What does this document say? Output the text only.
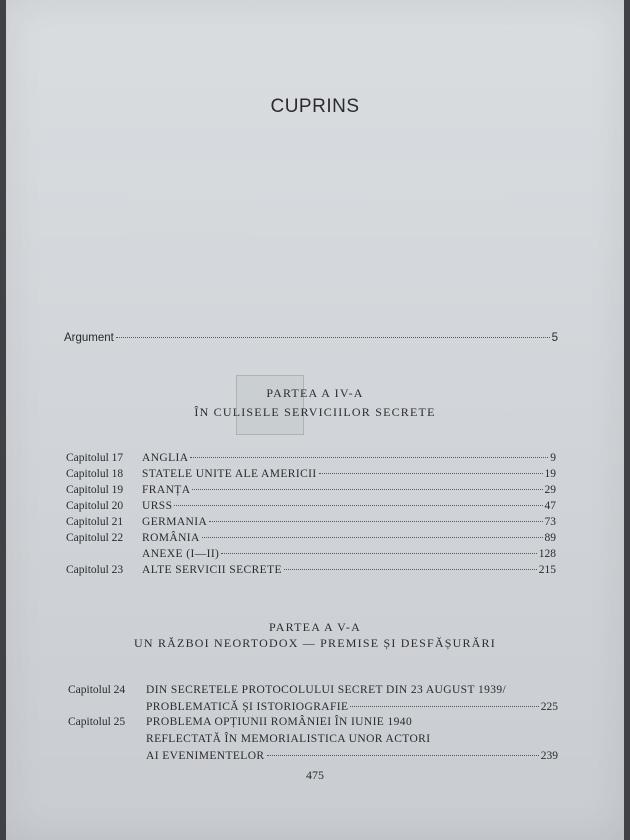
CUPRINS
Argument	5
PARTEA A IV-A
ÎN CULISELE SERVICIILOR SECRETE
Capitolul 17	ANGLIA	9
Capitolul 18	STATELE UNITE ALE AMERICII	19
Capitolul 19	FRANȚA	29
Capitolul 20	URSS	47
Capitolul 21	GERMANIA	73
Capitolul 22	ROMÂNIA	89
ANEXE (I—II)	128
Capitolul 23	ALTE SERVICII SECRETE	215
PARTEA A V-A
UN RĂZBOI NEORTODOX — PREMISE ȘI DESFĂȘURĂRI
Capitolul 24	DIN SECRETELE PROTOCOLULUI SECRET DIN 23 AUGUST 1939/
PROBLEMATICĂ ȘI ISTORIOGRAFIE	225
Capitolul 25	PROBLEMA OPȚIUNII ROMÂNIEI ÎN IUNIE 1940
REFLECTATĂ ÎN MEMORIALISTICA UNOR ACTORI
AI EVENIMENTELOR	239
475
